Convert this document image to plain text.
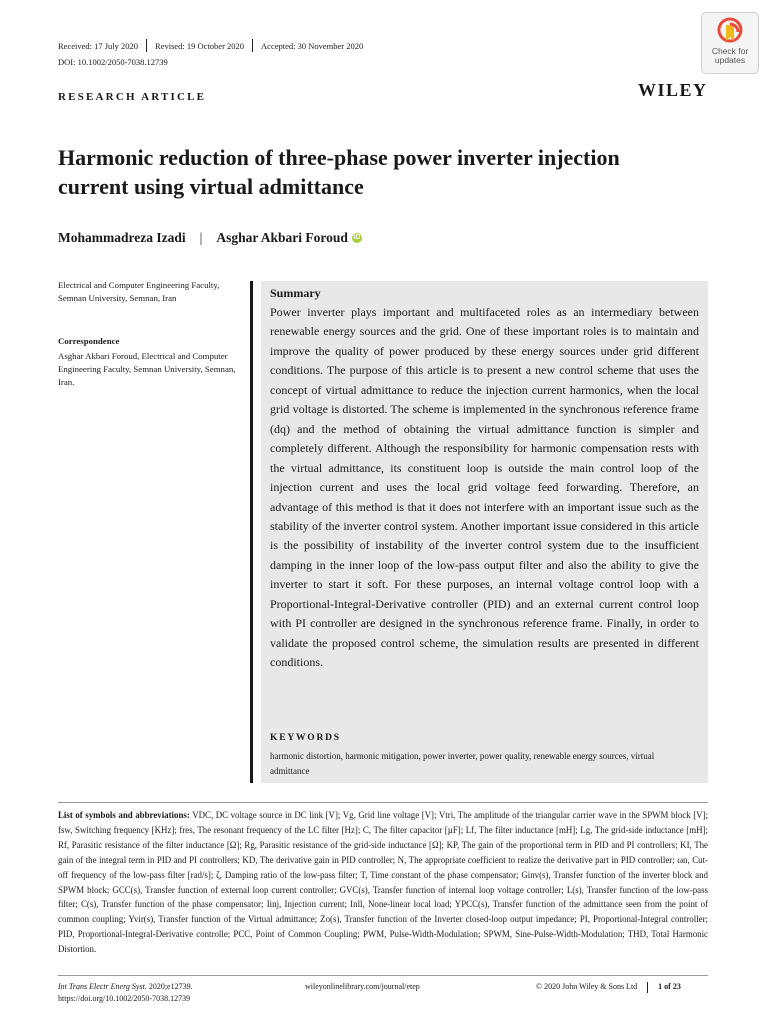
Received: 17 July 2020 Revised: 19 October 2020 Accepted: 30 November 2020
DOI: 10.1002/2050-7038.12739
Check for
updates
RESEARCH ARTICLE	WILEY
Harmonic reduction of three-phase power inverter injection current using virtual admittance
Mohammadreza Izadi | Asghar Akbari Foroud iD
Electrical and Computer Engineering Faculty, Semnan University, Semnan, Iran
Correspondence
Asghar Akbari Foroud, Electrical and Computer Engineering Faculty, Semnan University, Semnan, Iran.
Summary

Power inverter plays important and multifaceted roles as an intermediary between renewable energy sources and the grid. One of these important roles is to maintain and improve the quality of power produced by these energy sources under grid different conditions. The purpose of this article is to present a new control scheme that uses the concept of virtual admittance to reduce the injection current harmonics, when the local grid voltage is distorted. The scheme is implemented in the synchronous reference frame (dq) and the method of obtaining the virtual admittance function is simpler and completely different. Although the responsibility for harmonic compensation rests with the virtual admittance, its constituent loop is outside the main control loop of the injection current and uses the local grid voltage feed forwarding. Therefore, an advantage of this method is that it does not interfere with an important issue such as the stability of the inverter control system. Another important issue considered in this article is the possibility of instability of the inverter control system due to the insufficient damping in the inner loop of the low-pass output filter and also the ability to give the inverter to start it soft. For these purposes, an internal voltage control loop with a Proportional-Integral-Derivative controller (PID) and an external current control loop with PI controller are designed in the synchronous reference frame. Finally, in order to validate the proposed control scheme, the simulation results are presented in different conditions.

KEYWORDS
harmonic distortion, harmonic mitigation, power inverter, power quality, renewable energy sources, virtual admittance

List of symbols and abbreviations: VDC, DC voltage source in DC link [V]; Vg, Grid line voltage [V]; Vtri, The amplitude of the triangular carrier wave in the SPWM block [V]; fsw, Switching frequency [KHz]; fres, The resonant frequency of the LC filter [Hz]; C, The filter capacitor [µF]; Lf, The filter inductance [mH]; Lg, The grid-side inductance [mH]; Rf, Parasitic resistance of the filter inductance [Ω]; Rg, Parasitic resistance of the grid-side inductance [Ω]; KP, The gain of the proportional term in PID and PI controllers; KI, The gain of the integral term in PID and PI controllers; KD, The derivative gain in PID controller; N, The appropriate coefficient to realize the derivative part in PID controller; ωn, Cut-off frequency of the low-pass filter [rad/s]; ζ, Damping ratio of the low-pass filter; T, Time constant of the phase compensator; Ginv(s), Transfer function of the inverter block and SPWM block; GCC(s), Transfer function of external loop current controller; GVC(s), Transfer function of internal loop voltage controller; L(s), Transfer function of the low-pass filter; C(s), Transfer function of the phase compensator; Iinj, Injection current; Inll, None-linear local load; YPCC(s), Transfer function of the admittance seen from the point of common coupling; Yvir(s), Transfer function of the Virtual admittance; Zo(s), Transfer function of the Inverter closed-loop output impedance; PI, Proportional-Integral controller; PID, Proportional-Integral-Derivative controlle; PCC, Point of Common Coupling; PWM, Pulse-Width-Modulation; SPWM, Sine-Pulse-Width-Modulation; THD, Total Harmonic Distortion.

Int Trans Electr Energ Syst. 2020;e12739.
https://doi.org/10.1002/2050-7038.12739
wileyonlinelibrary.com/journal/etep	© 2020 John Wiley & Sons Ltd	1 of 23
